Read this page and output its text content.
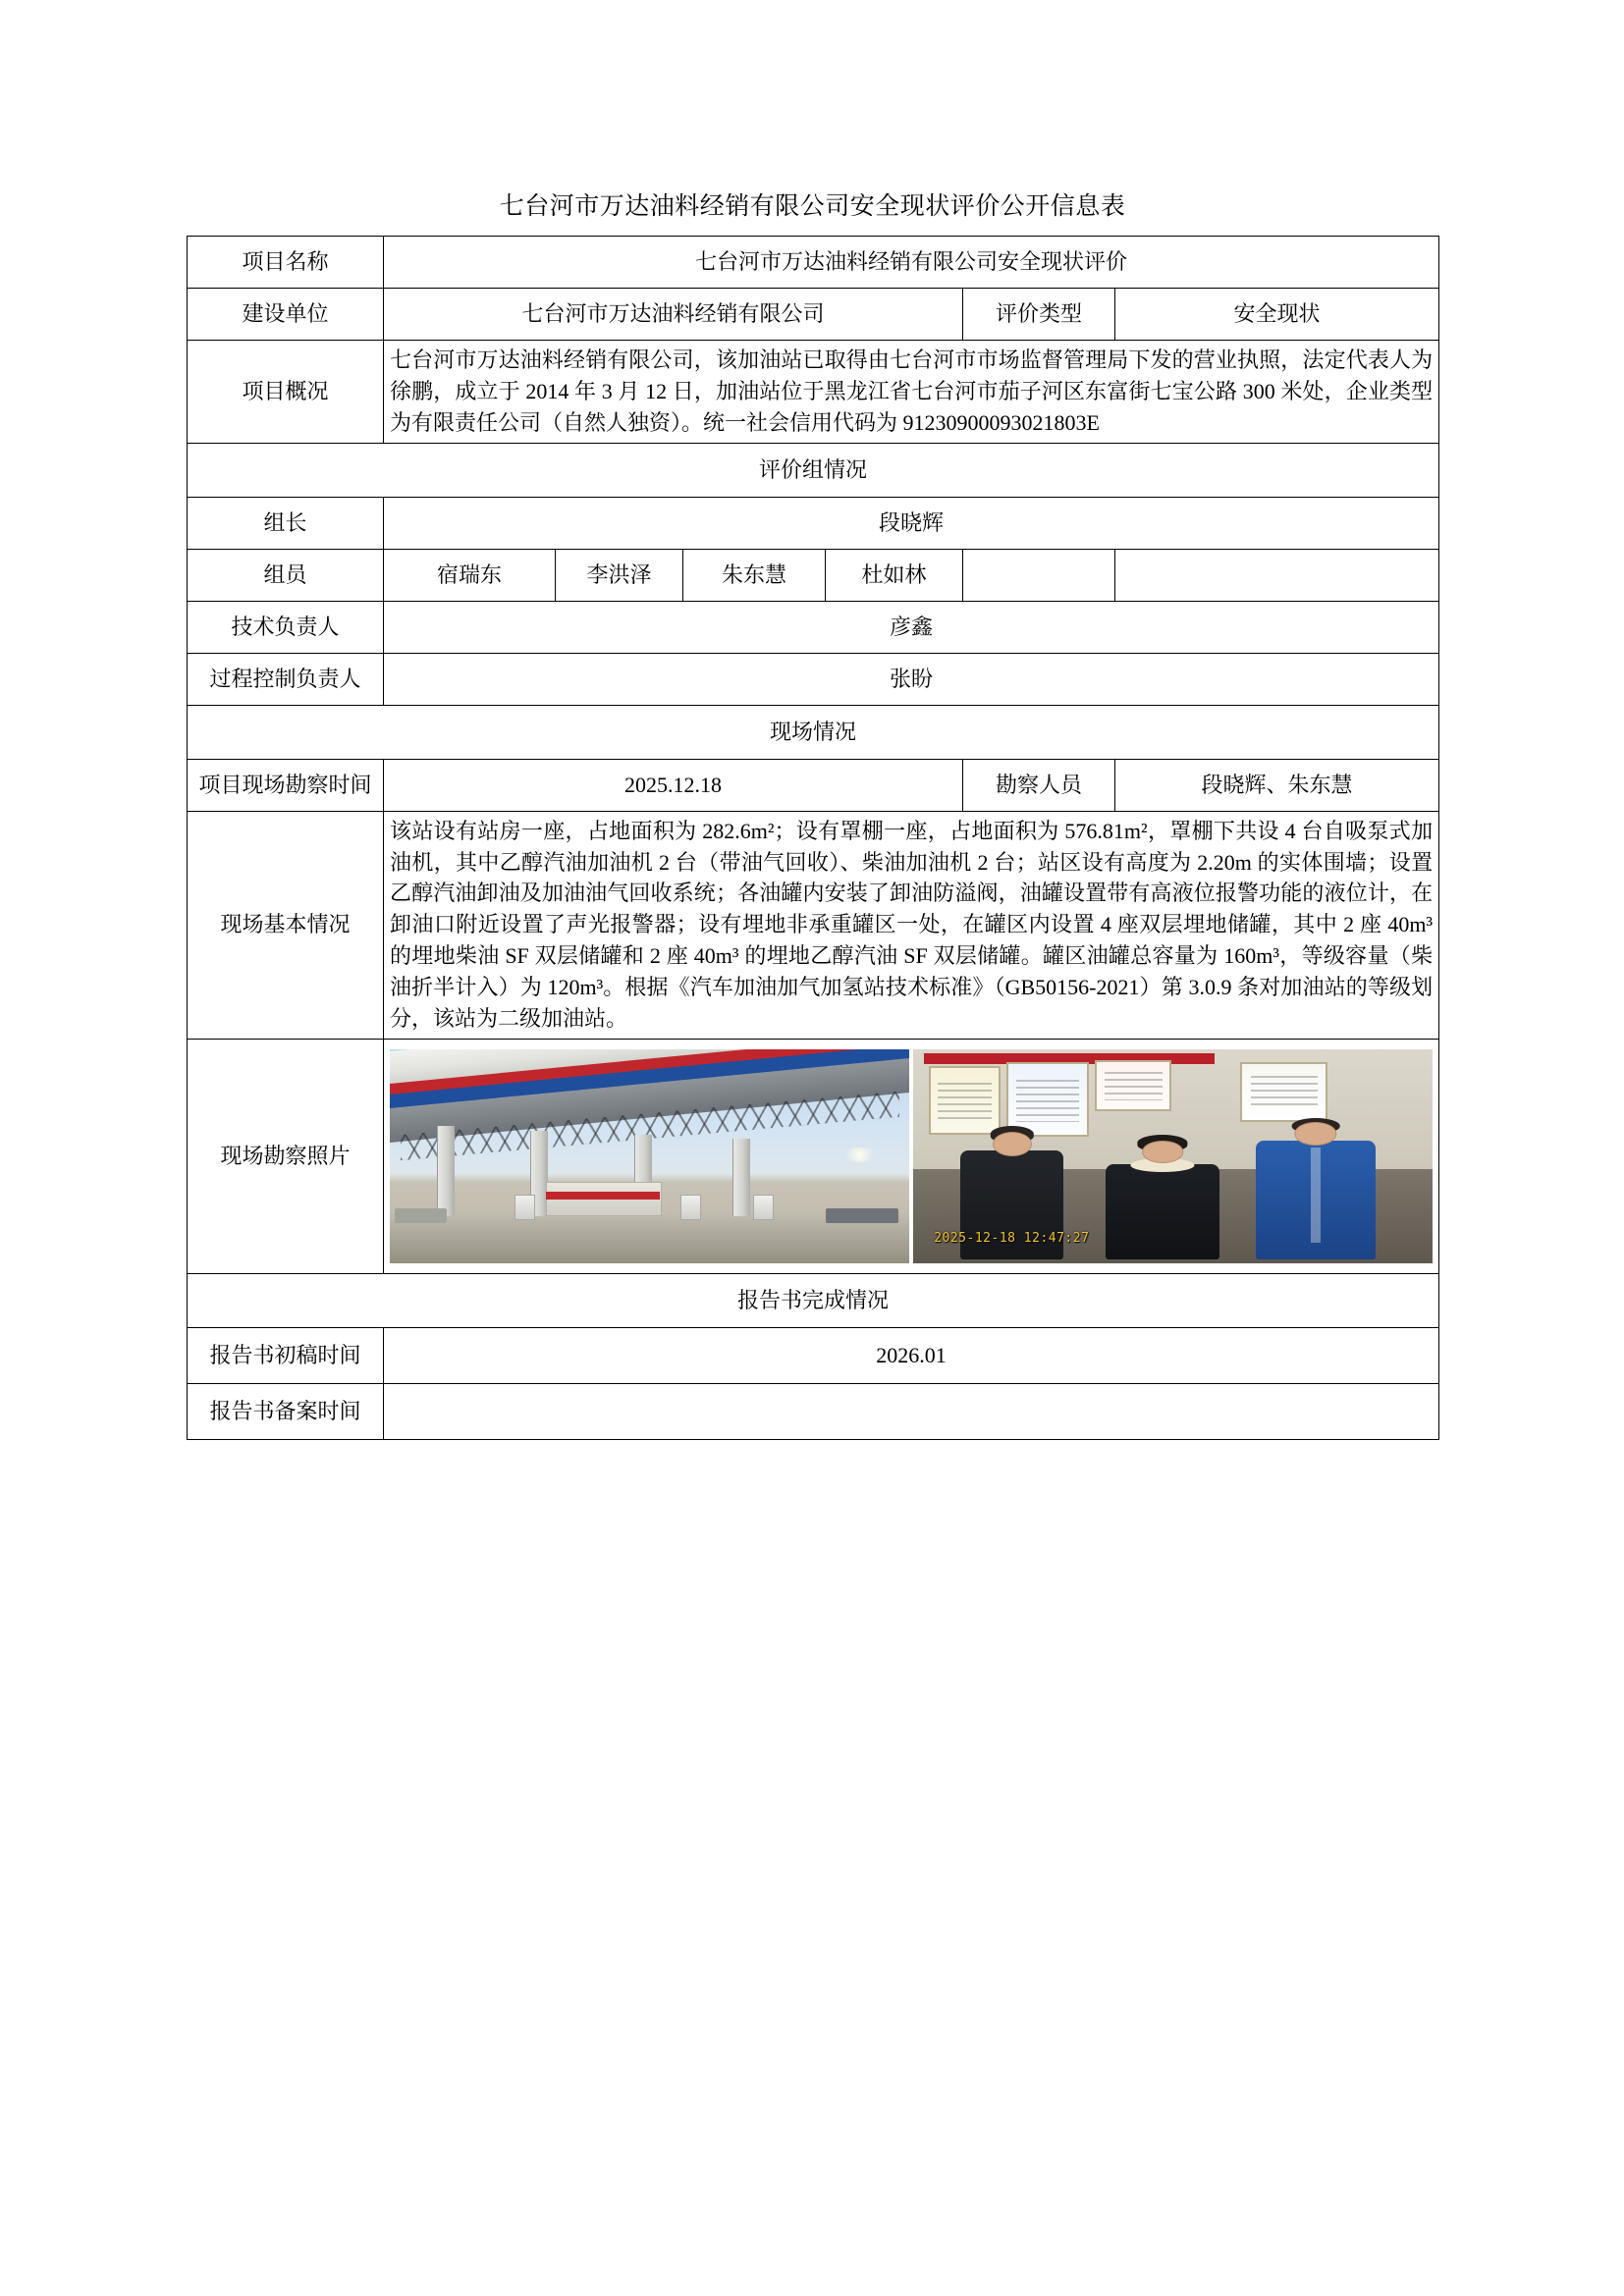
七台河市万达油料经销有限公司安全现状评价公开信息表
项目名称	七台河市万达油料经销有限公司安全现状评价					
建设单位	七台河市万达油料经销有限公司				评价类型	安全现状
项目概况	七台河市万达油料经销有限公司，该加油站已取得由七台河市市场监督管理局下发的营业执照，法定代表人为徐鹏，成立于 2014 年 3 月 12 日，加油站位于黑龙江省七台河市茄子河区东富街七宝公路 300 米处，企业类型为有限责任公司（自然人独资）。统一社会信用代码为 91230900093021803E					
评价组情况						
组长	段晓辉					
组员	宿瑞东	李洪泽	朱东慧	杜如林		
技术负责人	彦鑫					
过程控制负责人	张盼					
现场情况						
项目现场勘察时间	2025.12.18				勘察人员	段晓辉、朱东慧
现场基本情况	该站设有站房一座，占地面积为 282.6m²；设有罩棚一座，占地面积为 576.81m²，罩棚下共设 4 台自吸泵式加油机，其中乙醇汽油加油机 2 台（带油气回收）、柴油加油机 2 台；站区设有高度为 2.20m 的实体围墙；设置乙醇汽油卸油及加油油气回收系统；各油罐内安装了卸油防溢阀，油罐设置带有高液位报警功能的液位计，在卸油口附近设置了声光报警器；设有埋地非承重罐区一处，在罐区内设置 4 座双层埋地储罐，其中 2 座 40m³ 的埋地柴油 SF 双层储罐和 2 座 40m³ 的埋地乙醇汽油 SF 双层储罐。罐区油罐总容量为 160m³，等级容量（柴油折半计入）为 120m³。根据《汽车加油加气加氢站技术标准》（GB50156-2021）第 3.0.9 条对加油站的等级划分，该站为二级加油站。					
现场勘察照片	2025-12-18 12:47:27					

报告书完成情况						
报告书初稿时间	2026.01					
报告书备案时间						
